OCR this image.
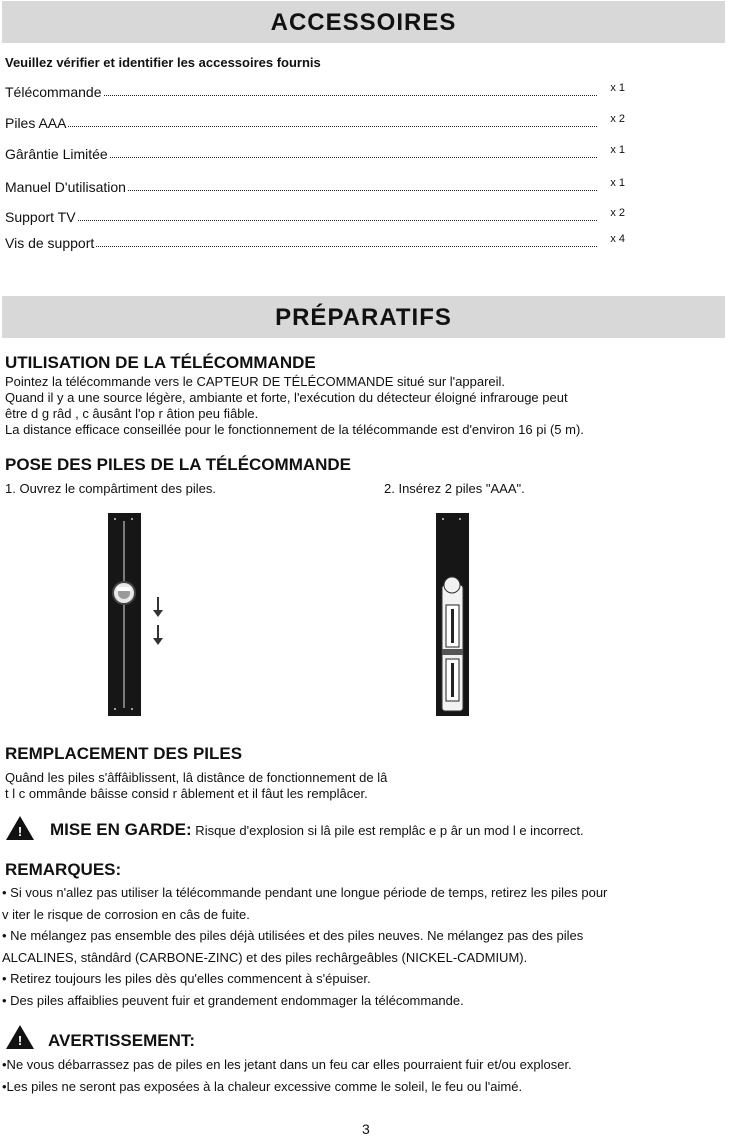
ACCESSOIRES
Veuillez vérifier et identifier les accessoires fournis
Télécommande	x 1
Piles AAA	x 2
Gârântie Limitée	x 1
Manuel D'utilisation	x 1
Support TV	x 2
Vis de support	x 4
PRÉPARATIFS
UTILISATION DE LA TÉLÉCOMMANDE
Pointez la télécommande vers le CAPTEUR DE TÉLÉCOMMANDE situé sur l'appareil.
Quand il y a une source légère, ambiante et forte, l'exécution du détecteur éloigné infrarouge peut
être d g râd , c âusânt l'op r âtion peu fiâble.
La distance efficace conseillée pour le fonctionnement de la télécommande est d'environ 16 pi (5 m).
POSE DES PILES DE LA TÉLÉCOMMANDE
1. Ouvrez le compârtiment des piles.	2. Insérez 2 piles "AAA".
REMPLACEMENT DES PILES
Quând les piles s'âffâiblissent, lâ distânce de fonctionnement de lâ
t l c ommânde bâisse consid r âblement et il fâut les remplâcer.
!	MISE EN GARDE: Risque d'explosion si lâ pile est remplâc e p âr un mod l e incorrect.
REMARQUES:
• Si vous n'allez pas utiliser la télécommande pendant une longue période de temps, retirez les piles pour
v iter le risque de corrosion en câs de fuite.
• Ne mélangez pas ensemble des piles déjà utilisées et des piles neuves. Ne mélangez pas des piles
ALCALINES, stândârd (CARBONE-ZINC) et des piles rechârgeâbles (NICKEL-CADMIUM).
• Retirez toujours les piles dès qu'elles commencent à s'épuiser.
• Des piles affaiblies peuvent fuir et grandement endommager la télécommande.
!	AVERTISSEMENT:
•Ne vous débarrassez pas de piles en les jetant dans un feu car elles pourraient fuir et/ou exploser.
•Les piles ne seront pas exposées à la chaleur excessive comme le soleil, le feu ou l'aimé.
3
